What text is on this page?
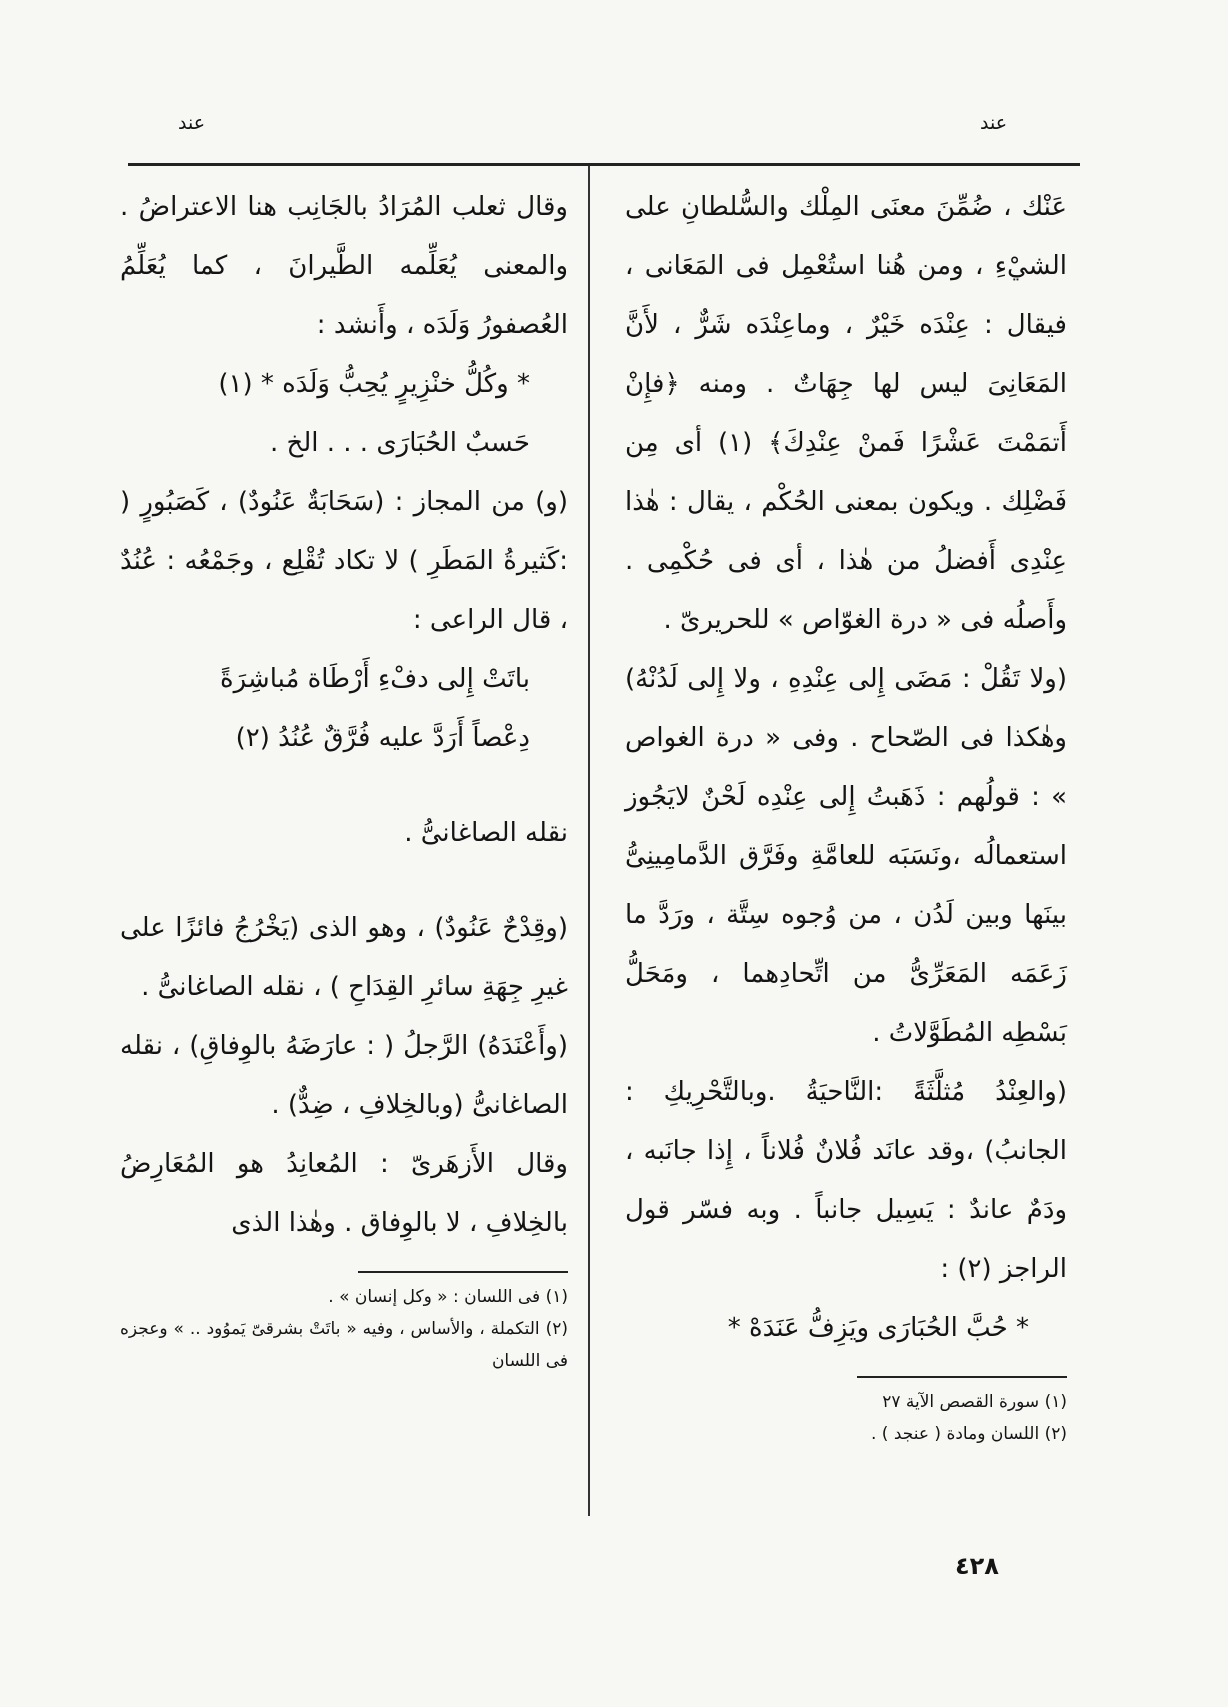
عند
عند

عَنْك ، ضُمِّنَ معنَى المِلْك والسُّلطانِ على الشيْءِ ، ومن هُنا استُعْمِل فى المَعَانى ، فيقال : عِنْدَه خَيْرٌ ، وماعِنْدَه شَرٌّ ، لأَنَّ المَعَانِىَ ليس لها جِهَاتٌ . ومنه ﴿فإِنْ أَتمَمْتَ عَشْرًا فَمنْ عِنْدِكَ﴾ (١) أى مِن فَضْلِك . ويكون بمعنى الحُكْم ، يقال : هٰذا عِنْدِى أَفضلُ من هٰذا ، أى فى حُكْمِى . وأَصلُه فى « درة الغوّاص » للحريرىّ .

(ولا تَقُلْ : مَضَى إِلى عِنْدِهِ ، ولا إِلى لَدُنْهُ) وهٰكذا فى الصّحاح . وفى « درة الغواص » : قولُهم : ذَهَبتُ إِلى عِنْدِه لَحْنٌ لايَجُوز استعمالُه ،ونَسَبَه للعامَّةِ وفَرَّق الدَّمامِينِىُّ بينَها وبين لَدُن ، من وُجوه سِتَّة ، ورَدَّ ما زَعَمَه المَعَرِّىُّ من اتِّحادِهما ، ومَحَلُّ بَسْطِه المُطَوَّلاتُ .

(والعِنْدُ مُثلَّثَةً :النَّاحيَةُ .وبالتَّحْرِيكِ : الجانبُ) ،وقد عانَد فُلانٌ فُلاناً ، إِذا جانَبه ، ودَمٌ عاندٌ : يَسِيل جانباً . وبه فسّر قول الراجز (٢) :

* حُبَّ الحُبَارَى ويَزِفُّ عَنَدَهْ *
(١) سورة القصص الآية ٢٧
(٢) اللسان ومادة ( عنجد ) .

وقال ثعلب المُرَادُ بالجَانِب هنا الاعتراضُ . والمعنى يُعَلِّمه الطَّيرانَ ، كما يُعَلِّمُ العُصفورُ وَلَدَه ، وأَنشد :

* وكُلُّ خنْزِيرٍ يُحِبُّ وَلَدَه * (١)
حَسبٌ الحُبَارَى . . . الخ .

(و) من المجاز : (سَحَابَةٌ عَنُودٌ) ، كَصَبُورٍ ( :كَثيرةُ المَطَرِ ) لا تكاد تُقْلِع ، وجَمْعُه : عُنُدٌ ، قال الراعى :

باتَتْ إِلى دفْءِ أَرْطَاة مُباشِرَةً
دِعْصاً أَرَدَّ عليه فُرَّقٌ عُنُدُ (٢)

نقله الصاغانىُّ .

(وقِدْحٌ عَنُودٌ) ، وهو الذى (يَخْرُجُ فائزًا على غيرِ جِهَةِ سائرِ القِدَاحِ ) ، نقله الصاغانىُّ .

(وأَعْنَدَهُ) الرَّجلُ ( : عارَضَهُ بالوِفاقِ) ، نقله الصاغانىُّ (وبالخِلافِ ، ضِدٌّ) .

وقال الأَزهَرىّ : المُعانِدُ هو المُعَارِضُ بالخِلافِ ، لا بالوِفاق . وهٰذا الذى

(١) فى اللسان : « وكل إنسان » .
(٢) التكملة ، والأساس ، وفيه « باتَتْ بشرقىّ يَموُود .. » وعجزه فى اللسان
٤٢٨
